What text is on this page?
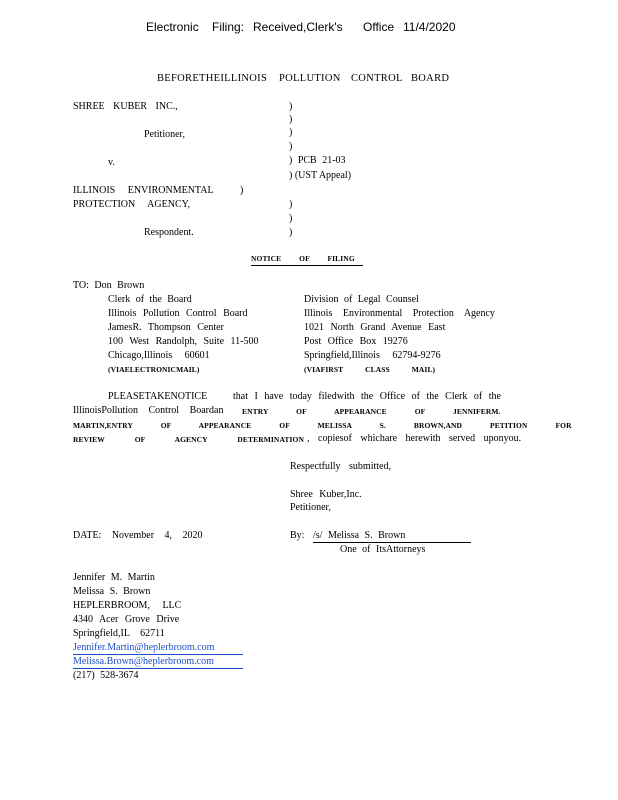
Electronic Filing: Received,Clerk's Office 11/4/2020
BEFORETHEILLINOIS POLLUTION CONTROL BOARD
SHREE KUBER INC.,
Petitioner,
v.
ILLINOIS ENVIRONMENTAL
PROTECTION AGENCY,
Respondent.
)
)
)
)
) PCB 21-03
) (UST Appeal)
)
)
)
)
NOTICE OF FILING
TO: Don Brown
Clerk of the Board
Illinois Pollution Control Board
JamesR. Thompson Center
100 West Randolph, Suite 11-500
Chicago,Illinois 60601
(VIAELECTRONICMAIL)
Division of Legal Counsel
Illinois Environmental Protection Agency
1021 North Grand Avenue East
Post Office Box 19276
Springfield,Illinois 62794-9276
(VIAFIRST CLASS MAIL)
PLEASETAKENOTICE	that I have today filedwith the Office of the Clerk of the
IllinoisPollution Control Boardan ENTRY OF APPEARANCE OF JENNIFERM.
MARTIN,ENTRY OF APPEARANCE OF MELISSA S. BROWN,AND PETITION FOR
REVIEW OF AGENCY DETERMINATION , copiesof whichare herewith served uponyou.
Respectfully submitted,
Shree Kuber,Inc.
Petitioner,
DATE: November 4, 2020	By: /s/ Melissa S. Brown
One of ItsAttorneys
Jennifer M. Martin
Melissa S. Brown
HEPLERBROOM, LLC
4340 Acer Grove Drive
Springfield,IL 62711
Jennifer.Martin@heplerbroom.com
Melissa.Brown@heplerbroom.com
(217) 528-3674
